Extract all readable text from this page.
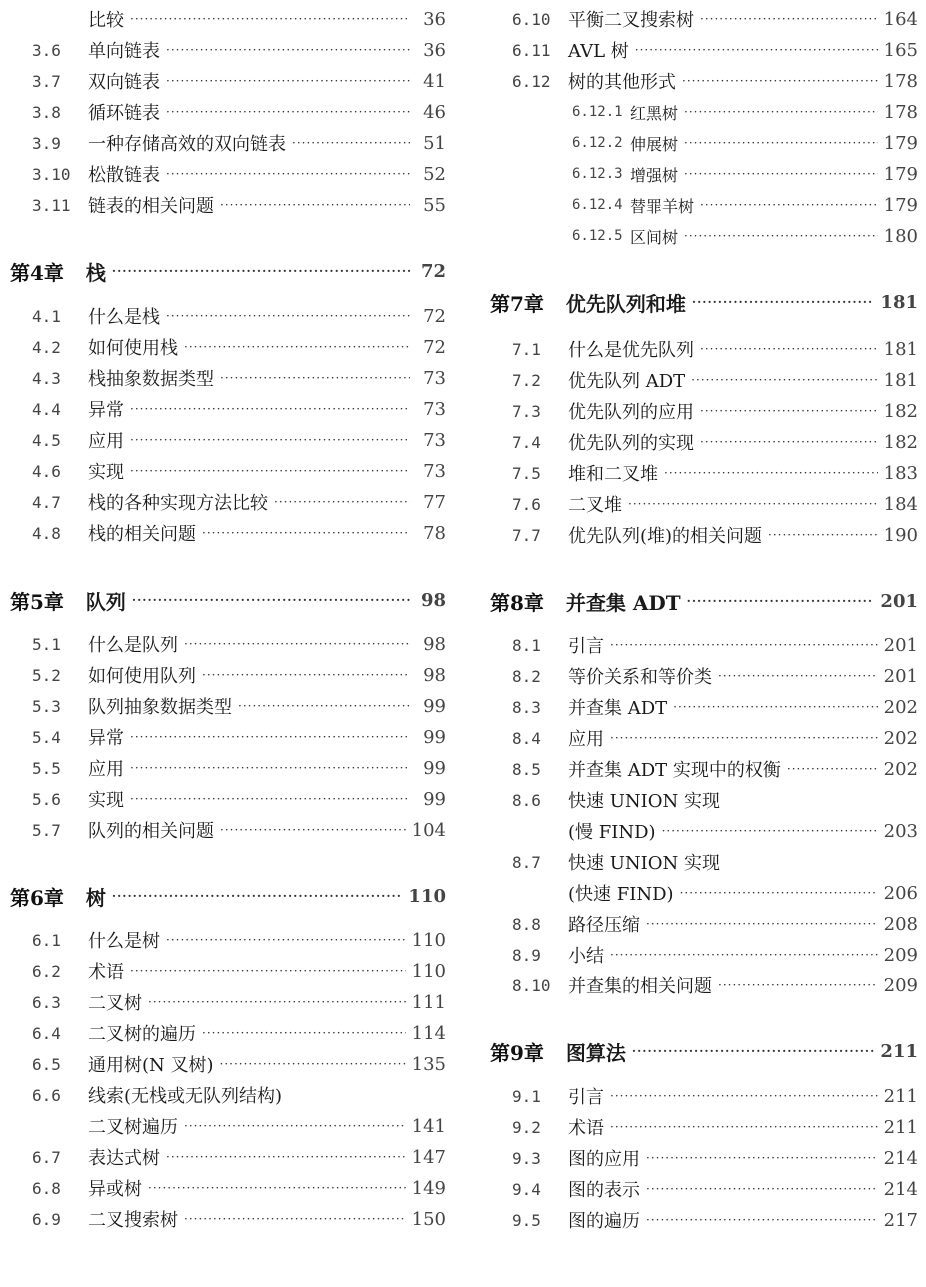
比较 ·····	36
3.6	单向链表 ·····	36
3.7	双向链表 ·····	41
3.8	循环链表 ·····	46
3.9	一种存储高效的双向链表 ·····	51
3.10 松散链表 ·····	52
3.11 链表的相关问题 ·····	55
第4章 栈 ·····	72
4.1	什么是栈 ·····	72
4.2	如何使用栈 ·····	72
4.3	栈抽象数据类型 ·····	73
4.4	异常 ·····	73
4.5	应用 ·····	73
4.6	实现 ·····	73
4.7	栈的各种实现方法比较 ·····	77
4.8	栈的相关问题 ·····	78
第5章 队列 ·····	98
5.1	什么是队列 ·····	98
5.2	如何使用队列 ·····	98
5.3	队列抽象数据类型 ·····	99
5.4	异常 ·····	99
5.5	应用 ·····	99
5.6	实现 ·····	99
5.7	队列的相关问题 ·····	104
第6章 树 ·····	110
6.1	什么是树 ·····	110
6.2	术语 ·····	110
6.3	二叉树 ·····	111
6.4	二叉树的遍历 ·····	114
6.5	通用树(N 叉树) ·····	135
6.6	线索(无栈或无队列结构)
二叉树遍历 ·····	141
6.7	表达式树 ·····	147
6.8	异或树 ·····	149
6.9	二叉搜索树 ·····	150
6.10 平衡二叉搜索树 ·····	164
6.11 AVL 树 ·····	165
6.12 树的其他形式 ·····	178
6.12.1 红黑树 ·····	178
6.12.2 伸展树 ·····	179
6.12.3 增强树 ·····	179
6.12.4 替罪羊树 ·····	179
6.12.5 区间树 ·····	180
第7章 优先队列和堆 ·····	181
7.1	什么是优先队列 ·····	181
7.2	优先队列 ADT ·····	181
7.3	优先队列的应用 ·····	182
7.4	优先队列的实现 ·····	182
7.5	堆和二叉堆 ·····	183
7.6	二叉堆 ·····	184
7.7	优先队列(堆)的相关问题 ·····	190
第8章 并查集 ADT ·····	201
8.1	引言 ·····	201
8.2	等价关系和等价类 ·····	201
8.3	并查集 ADT ·····	202
8.4	应用 ·····	202
8.5	并查集 ADT 实现中的权衡 ·····	202
8.6	快速 UNION 实现
(慢 FIND) ·····	203
8.7	快速 UNION 实现
(快速 FIND) ·····	206
8.8	路径压缩 ·····	208
8.9	小结 ·····	209
8.10 并查集的相关问题 ·····	209
第9章 图算法 ·····	211
9.1	引言 ·····	211
9.2	术语 ·····	211
9.3	图的应用 ·····	214
9.4	图的表示 ·····	214
9.5	图的遍历 ·····	217
